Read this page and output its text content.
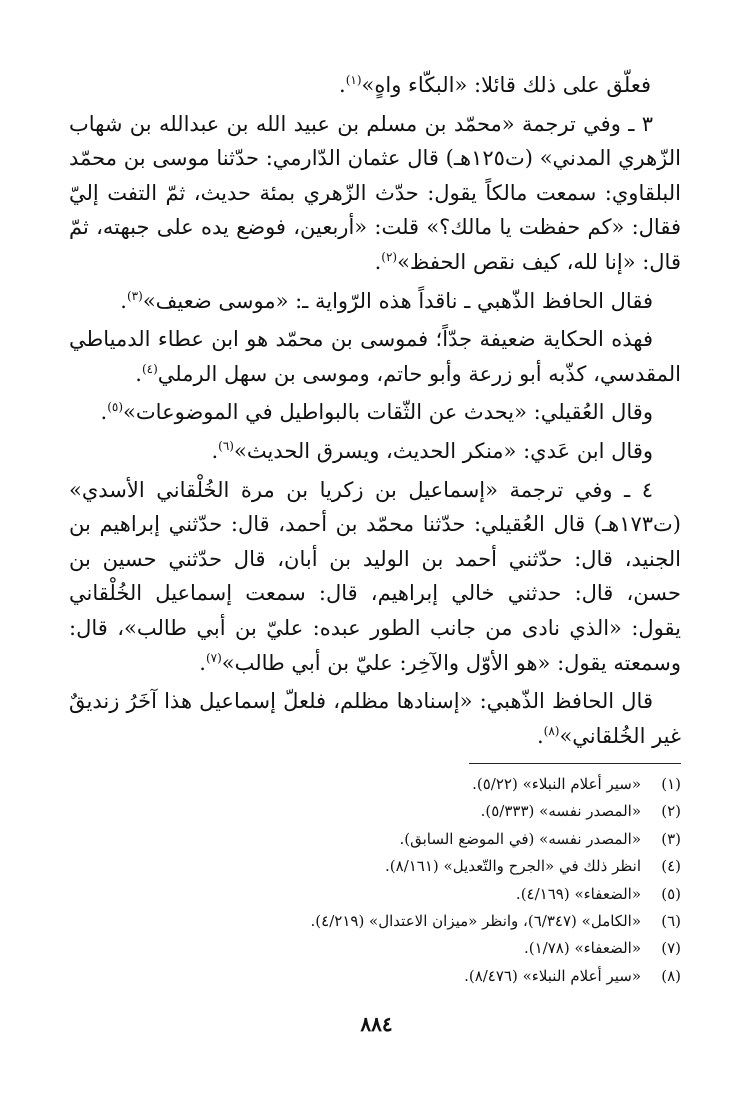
فعلّق على ذلك قائلا: «البكّاء واهٍ»$^{(١)}$.

٣ ـ وفي ترجمة «محمّد بن مسلم بن عبيد الله بن عبدالله بن شهاب الزّهري المدني» (ت١٢٥هـ) قال عثمان الدّارمي: حدّثنا موسى بن محمّد البلقاوي: سمعت مالكاً يقول: حدّث الزّهري بمئة حديث، ثمّ التفت إليّ فقال: «كم حفظت يا مالك؟» قلت: «أربعين، فوضع يده على جبهته، ثمّ قال: «إنا لله، كيف نقص الحفظ»$^{(٢)}$.

فقال الحافظ الذّهبي ـ ناقداً هذه الرّواية ـ: «موسى ضعيف»$^{(٣)}$.

فهذه الحكاية ضعيفة جدّاً؛ فموسى بن محمّد هو ابن عطاء الدمياطي المقدسي، كذّبه أبو زرعة وأبو حاتم، وموسى بن سهل الرملي$^{(٤)}$.

وقال العُقيلي: «يحدث عن الثّقات بالبواطيل في الموضوعات»$^{(٥)}$.

وقال ابن عَدي: «منكر الحديث، ويسرق الحديث»$^{(٦)}$.

٤ ـ وفي ترجمة «إسماعيل بن زكريا بن مرة الخُلْقاني الأسدي» (ت١٧٣هـ) قال العُقيلي: حدّثنا محمّد بن أحمد، قال: حدّثني إبراهيم بن الجنيد، قال: حدّثني أحمد بن الوليد بن أبان، قال حدّثني حسين بن حسن، قال: حدثني خالي إبراهيم، قال: سمعت إسماعيل الخُلْقاني يقول: «الذي نادى من جانب الطور عبده: عليّ بن أبي طالب»، قال: وسمعته يقول: «هو الأوّل والآخِر: عليّ بن أبي طالب»$^{(٧)}$.

قال الحافظ الذّهبي: «إسنادها مظلم، فلعلّ إسماعيل هذا آخَرُ زنديقٌ غير الخُلقاني»$^{(٨)}$.

(١)
«سير أعلام النبلاء» (٥/٢٢).
(٢)
«المصدر نفسه» (٥/٣٣٣).
(٣)
«المصدر نفسه» (في الموضع السابق).
(٤)
انظر ذلك في «الجرح والتّعديل» (٨/١٦١).
(٥)
«الضعفاء» (٤/١٦٩).
(٦)
«الكامل» (٦/٣٤٧)، وانظر «ميزان الاعتدال» (٤/٢١٩).
(٧)
«الضعفاء» (١/٧٨).
(٨)
«سير أعلام النبلاء» (٨/٤٧٦).
٨٨٤
